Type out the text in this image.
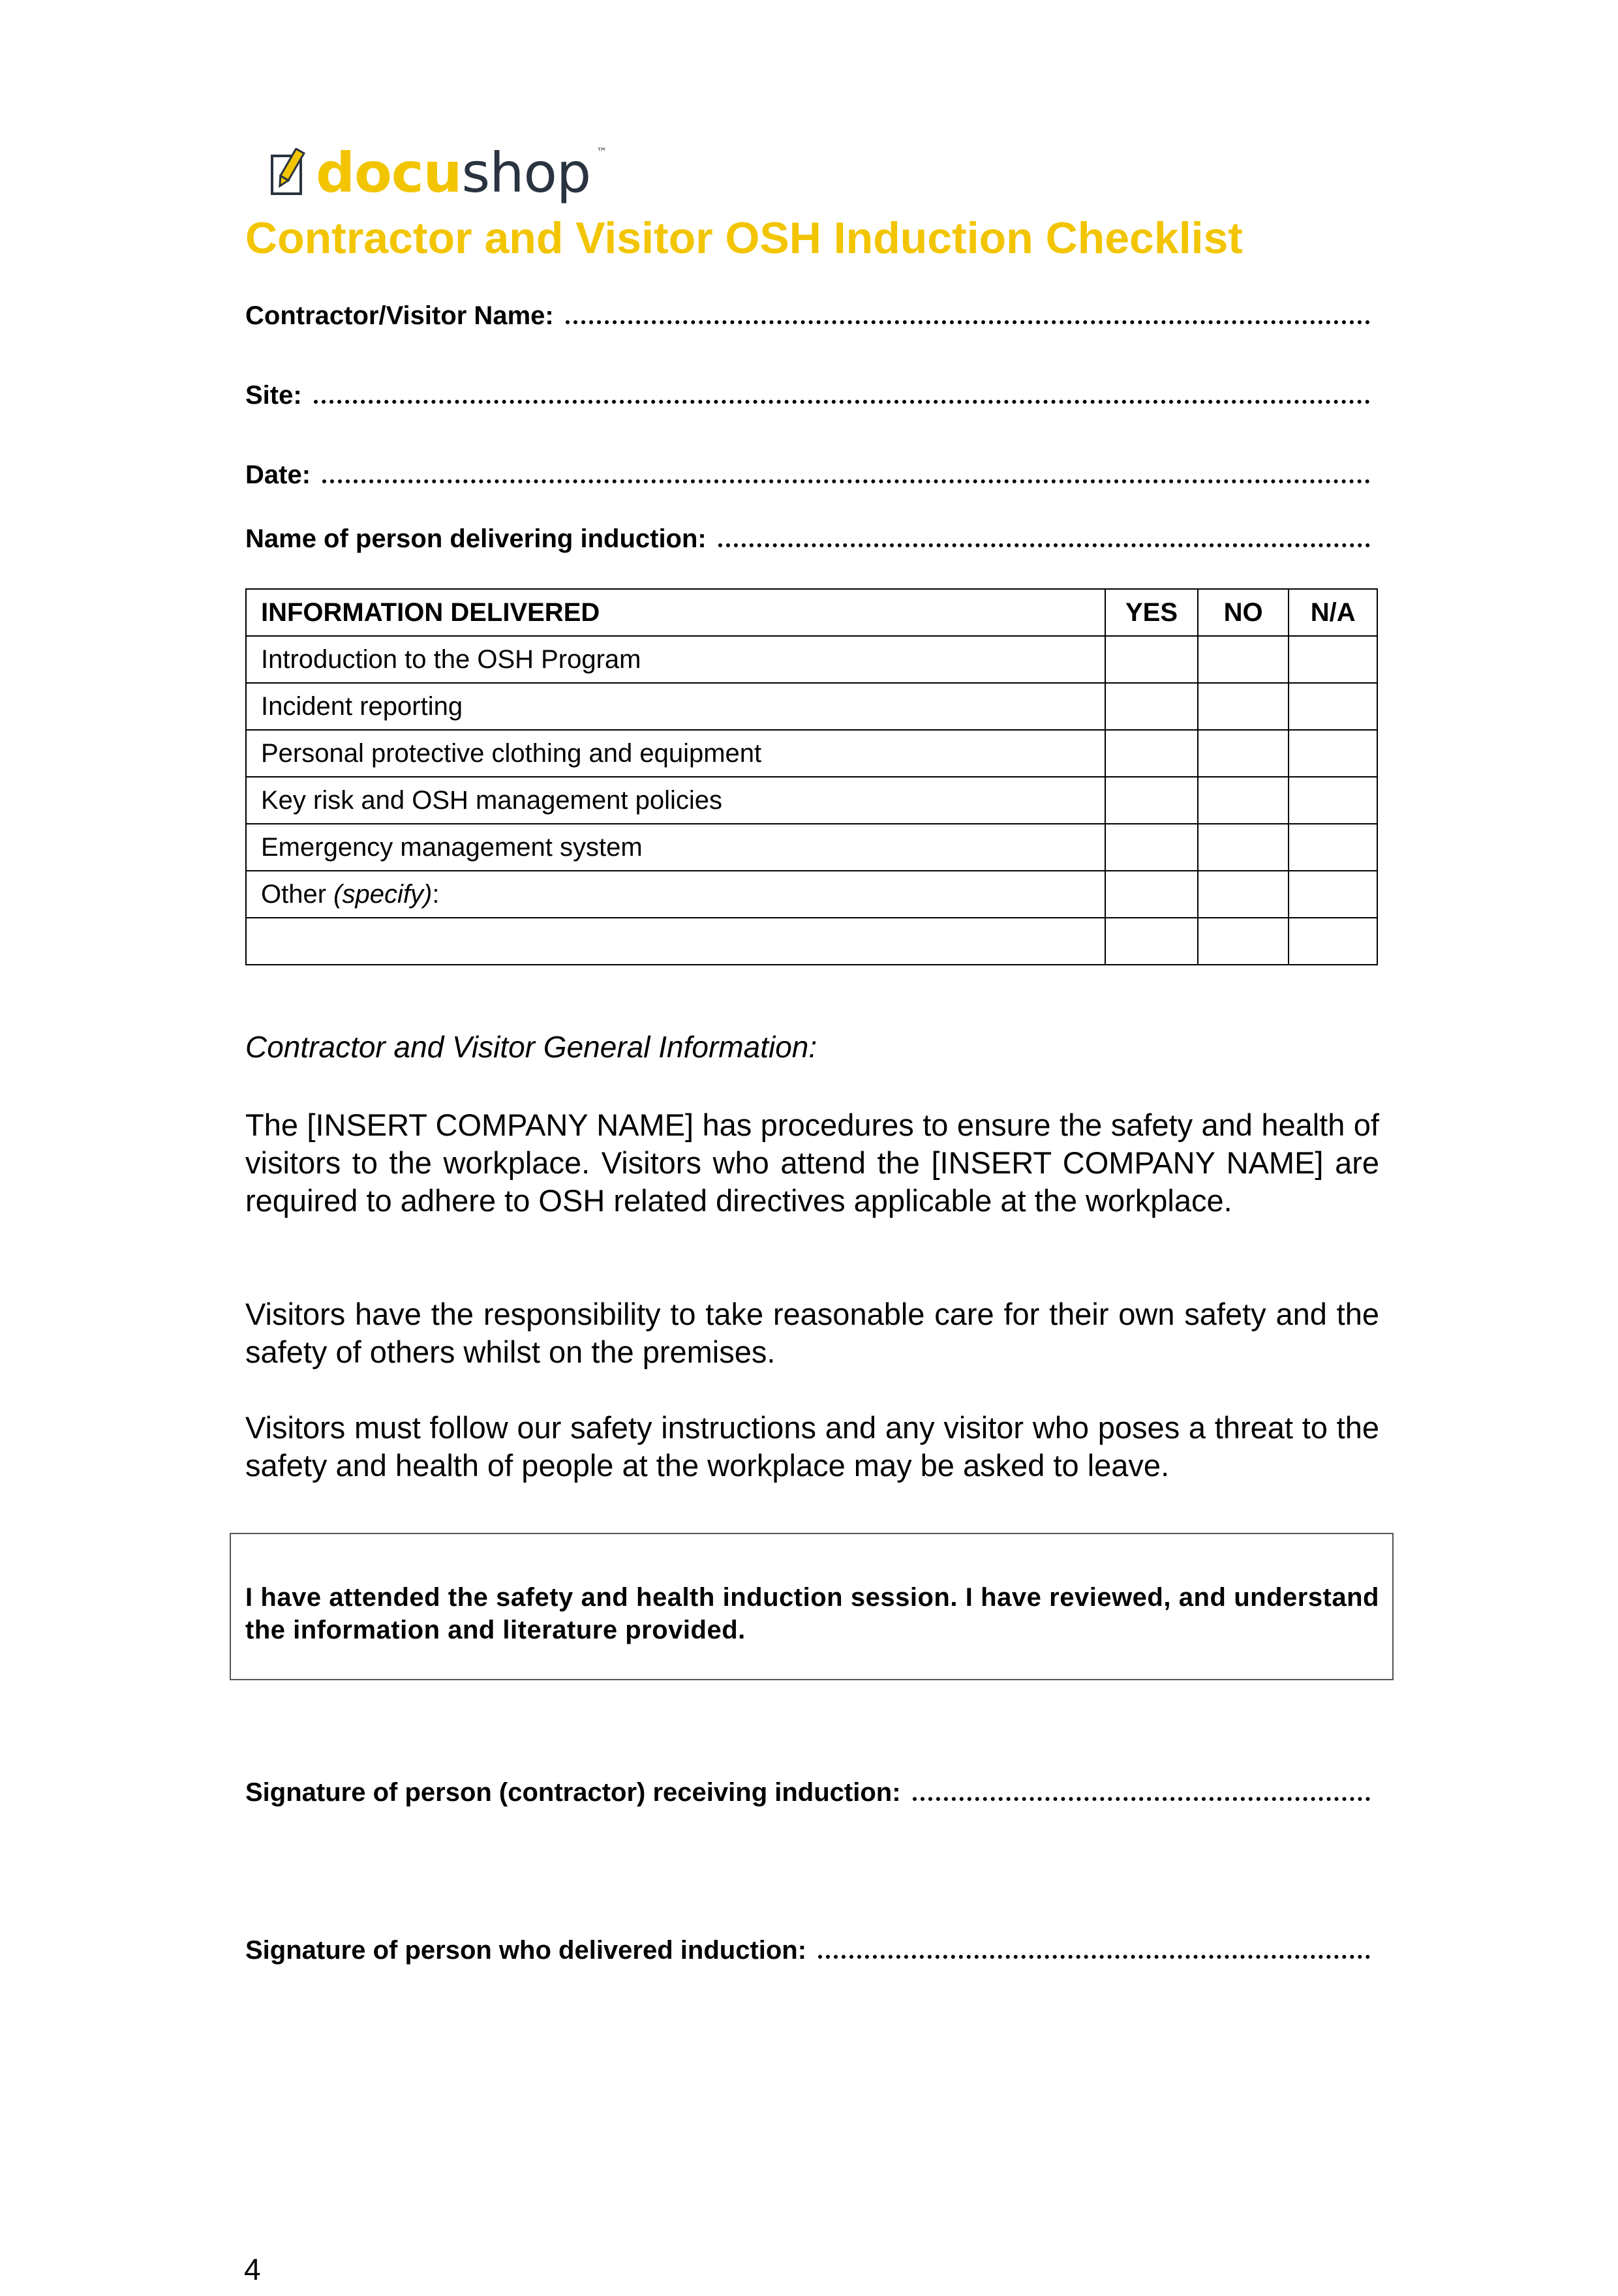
docushop ™
Contractor and Visitor OSH Induction Checklist
Contractor/Visitor Name:
Site:
Date:
Name of person delivering induction:
INFORMATION DELIVERED	YES	NO	N/A
Introduction to the OSH Program			
Incident reporting			
Personal protective clothing and equipment			
Key risk and OSH management policies			
Emergency management system			
Other (specify):			

Contractor and Visitor General Information:
The [INSERT COMPANY NAME] has procedures to ensure the safety and health of visitors to the workplace. Visitors who attend the [INSERT COMPANY NAME] are required to adhere to OSH related directives applicable at the workplace.
Visitors have the responsibility to take reasonable care for their own safety and the safety of others whilst on the premises.
Visitors must follow our safety instructions and any visitor who poses a threat to the safety and health of people at the workplace may be asked to leave.
I have attended the safety and health induction session. I have reviewed, and understand the information and literature provided.
Signature of person (contractor) receiving induction:
Signature of person who delivered induction:
4
